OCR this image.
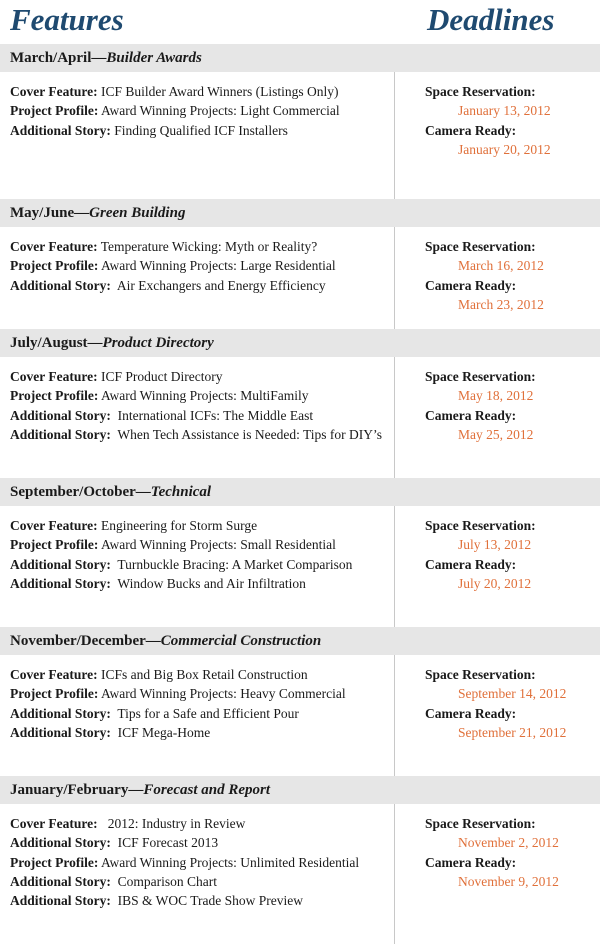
Features	Deadlines
March/April—Builder Awards
Cover Feature: ICF Builder Award Winners (Listings Only)
Project Profile: Award Winning Projects: Light Commercial
Additional Story: Finding Qualified ICF Installers
Space Reservation:
January 13, 2012
Camera Ready:
January 20, 2012
May/June—Green Building
Cover Feature: Temperature Wicking: Myth or Reality?
Project Profile: Award Winning Projects: Large Residential
Additional Story:  Air Exchangers and Energy Efficiency
Space Reservation:
March 16, 2012
Camera Ready:
March 23, 2012
July/August—Product Directory
Cover Feature: ICF Product Directory
Project Profile: Award Winning Projects: MultiFamily
Additional Story:  International ICFs: The Middle East
Additional Story:  When Tech Assistance is Needed: Tips for DIY’s
Space Reservation:
May 18, 2012
Camera Ready:
May 25, 2012
September/October—Technical
Cover Feature: Engineering for Storm Surge
Project Profile: Award Winning Projects: Small Residential
Additional Story:  Turnbuckle Bracing: A Market Comparison
Additional Story:  Window Bucks and Air Infiltration
Space Reservation:
July 13, 2012
Camera Ready:
July 20, 2012
November/December—Commercial Construction
Cover Feature: ICFs and Big Box Retail Construction
Project Profile: Award Winning Projects: Heavy Commercial
Additional Story:  Tips for a Safe and Efficient Pour
Additional Story:  ICF Mega-Home
Space Reservation:
September 14, 2012
Camera Ready:
September 21, 2012
January/February—Forecast and Report
Cover Feature:   2012: Industry in Review
Additional Story:  ICF Forecast 2013
Project Profile: Award Winning Projects: Unlimited Residential
Additional Story:  Comparison Chart
Additional Story:  IBS & WOC Trade Show Preview
Space Reservation:
November 2, 2012
Camera Ready:
November 9, 2012
